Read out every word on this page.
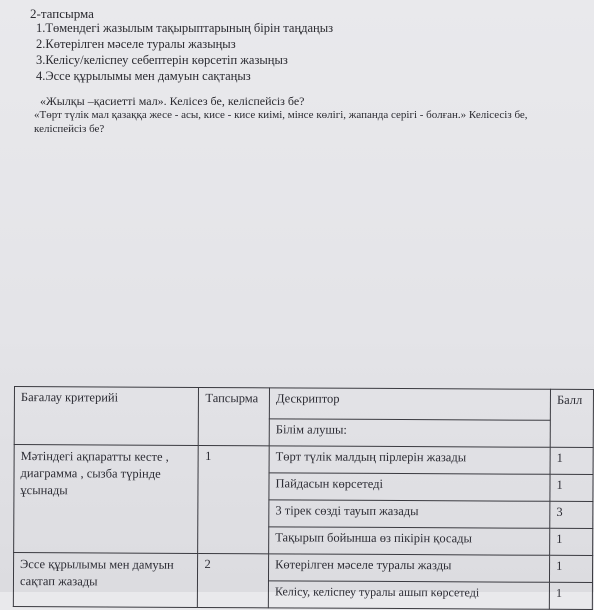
2-тапсырма
1.Төмендегі жазылым тақырыптарының бірін таңдаңыз
2.Көтерілген мәселе туралы жазыңыз
3.Келісу/келіспеу себептерін көрсетіп жазыңыз
4.Эссе құрылымы мен дамуын сақтаңыз

«Жылқы –қасиетті мал». Келісез бе, келіспейсіз бе?

«Төрт түлік мал қазаққа жесе - асы, кисе - кисе киімі, мінсе көлігі, жапанда серігі - болған.» Келісесіз бе, келіспейсіз бе?

Бағалау критерийі	Тапсырма	Дескриптор	Балл
		Білім алушы:	
Мәтіндегі ақпаратты кесте , диаграмма , сызба түрінде ұсынады	1	Төрт түлік малдың пірлерін жазады	1
		Пайдасын көрсетеді	1
		3 тірек сөзді тауып жазады	3
		Тақырып бойынша өз пікірін қосады	1
Эссе құрылымы мен дамуын сақтап жазады	2	Көтерілген мәселе туралы жазды	1
		Келісу, келіспеу туралы ашып көрсетеді	1
